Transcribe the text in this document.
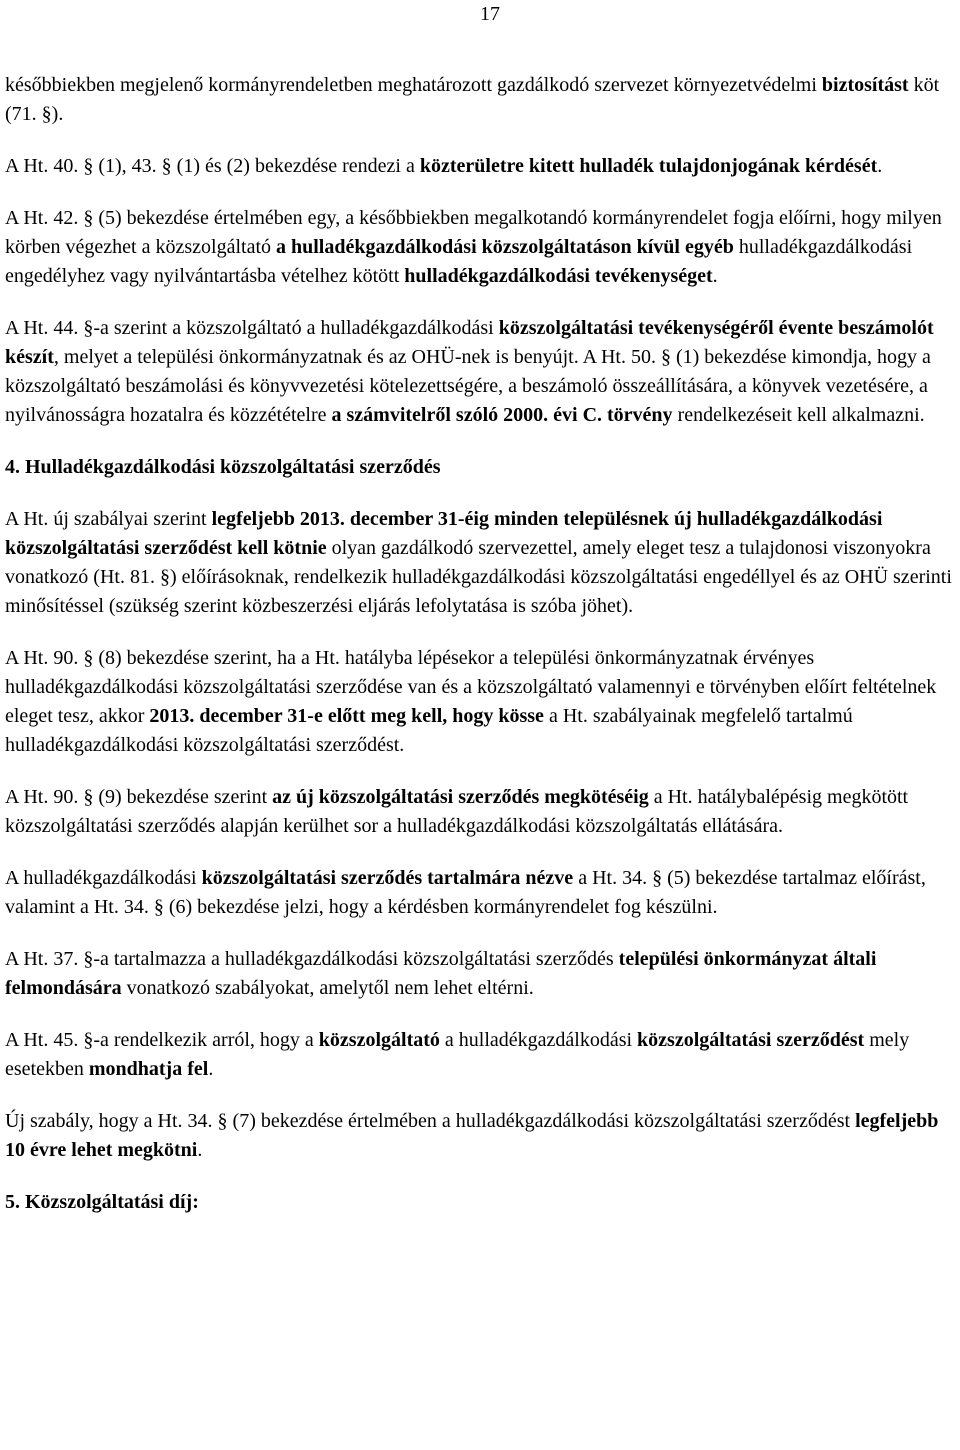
17

későbbiekben megjelenő kormányrendeletben meghatározott gazdálkodó szervezet környezetvédelmi biztosítást köt (71. §).

A Ht. 40. § (1), 43. § (1) és (2) bekezdése rendezi a közterületre kitett hulladék tulajdonjogának kérdését.

A Ht. 42. § (5) bekezdése értelmében egy, a későbbiekben megalkotandó kormányrendelet fogja előírni, hogy milyen körben végezhet a közszolgáltató a hulladékgazdálkodási közszolgáltatáson kívül egyéb hulladékgazdálkodási engedélyhez vagy nyilvántartásba vételhez kötött hulladékgazdálkodási tevékenységet.

A Ht. 44. §-a szerint a közszolgáltató a hulladékgazdálkodási közszolgáltatási tevékenységéről évente beszámolót készít, melyet a települési önkormányzatnak és az OHÜ-nek is benyújt. A Ht. 50. § (1) bekezdése kimondja, hogy a közszolgáltató beszámolási és könyvvezetési kötelezettségére, a beszámoló összeállítására, a könyvek vezetésére, a nyilvánosságra hozatalra és közzétételre a számvitelről szóló 2000. évi C. törvény rendelkezéseit kell alkalmazni.

4. Hulladékgazdálkodási közszolgáltatási szerződés

A Ht. új szabályai szerint legfeljebb 2013. december 31-éig minden településnek új hulladékgazdálkodási közszolgáltatási szerződést kell kötnie olyan gazdálkodó szervezettel, amely eleget tesz a tulajdonosi viszonyokra vonatkozó (Ht. 81. §) előírásoknak, rendelkezik hulladékgazdálkodási közszolgáltatási engedéllyel és az OHÜ szerinti minősítéssel (szükség szerint közbeszerzési eljárás lefolytatása is szóba jöhet).

A Ht. 90. § (8) bekezdése szerint, ha a Ht. hatályba lépésekor a települési önkormányzatnak érvényes hulladékgazdálkodási közszolgáltatási szerződése van és a közszolgáltató valamennyi e törvényben előírt feltételnek eleget tesz, akkor 2013. december 31-e előtt meg kell, hogy kösse a Ht. szabályainak megfelelő tartalmú hulladékgazdálkodási közszolgáltatási szerződést.

A Ht. 90. § (9) bekezdése szerint az új közszolgáltatási szerződés megkötéséig a Ht. hatálybalépésig megkötött közszolgáltatási szerződés alapján kerülhet sor a hulladékgazdálkodási közszolgáltatás ellátására.

A hulladékgazdálkodási közszolgáltatási szerződés tartalmára nézve a Ht. 34. § (5) bekezdése tartalmaz előírást, valamint a Ht. 34. § (6) bekezdése jelzi, hogy a kérdésben kormányrendelet fog készülni.

A Ht. 37. §-a tartalmazza a hulladékgazdálkodási közszolgáltatási szerződés települési önkormányzat általi felmondására vonatkozó szabályokat, amelytől nem lehet eltérni.

A Ht. 45. §-a rendelkezik arról, hogy a közszolgáltató a hulladékgazdálkodási közszolgáltatási szerződést mely esetekben mondhatja fel.

Új szabály, hogy a Ht. 34. § (7) bekezdése értelmében a hulladékgazdálkodási közszolgáltatási szerződést legfeljebb 10 évre lehet megkötni.

5. Közszolgáltatási díj:
